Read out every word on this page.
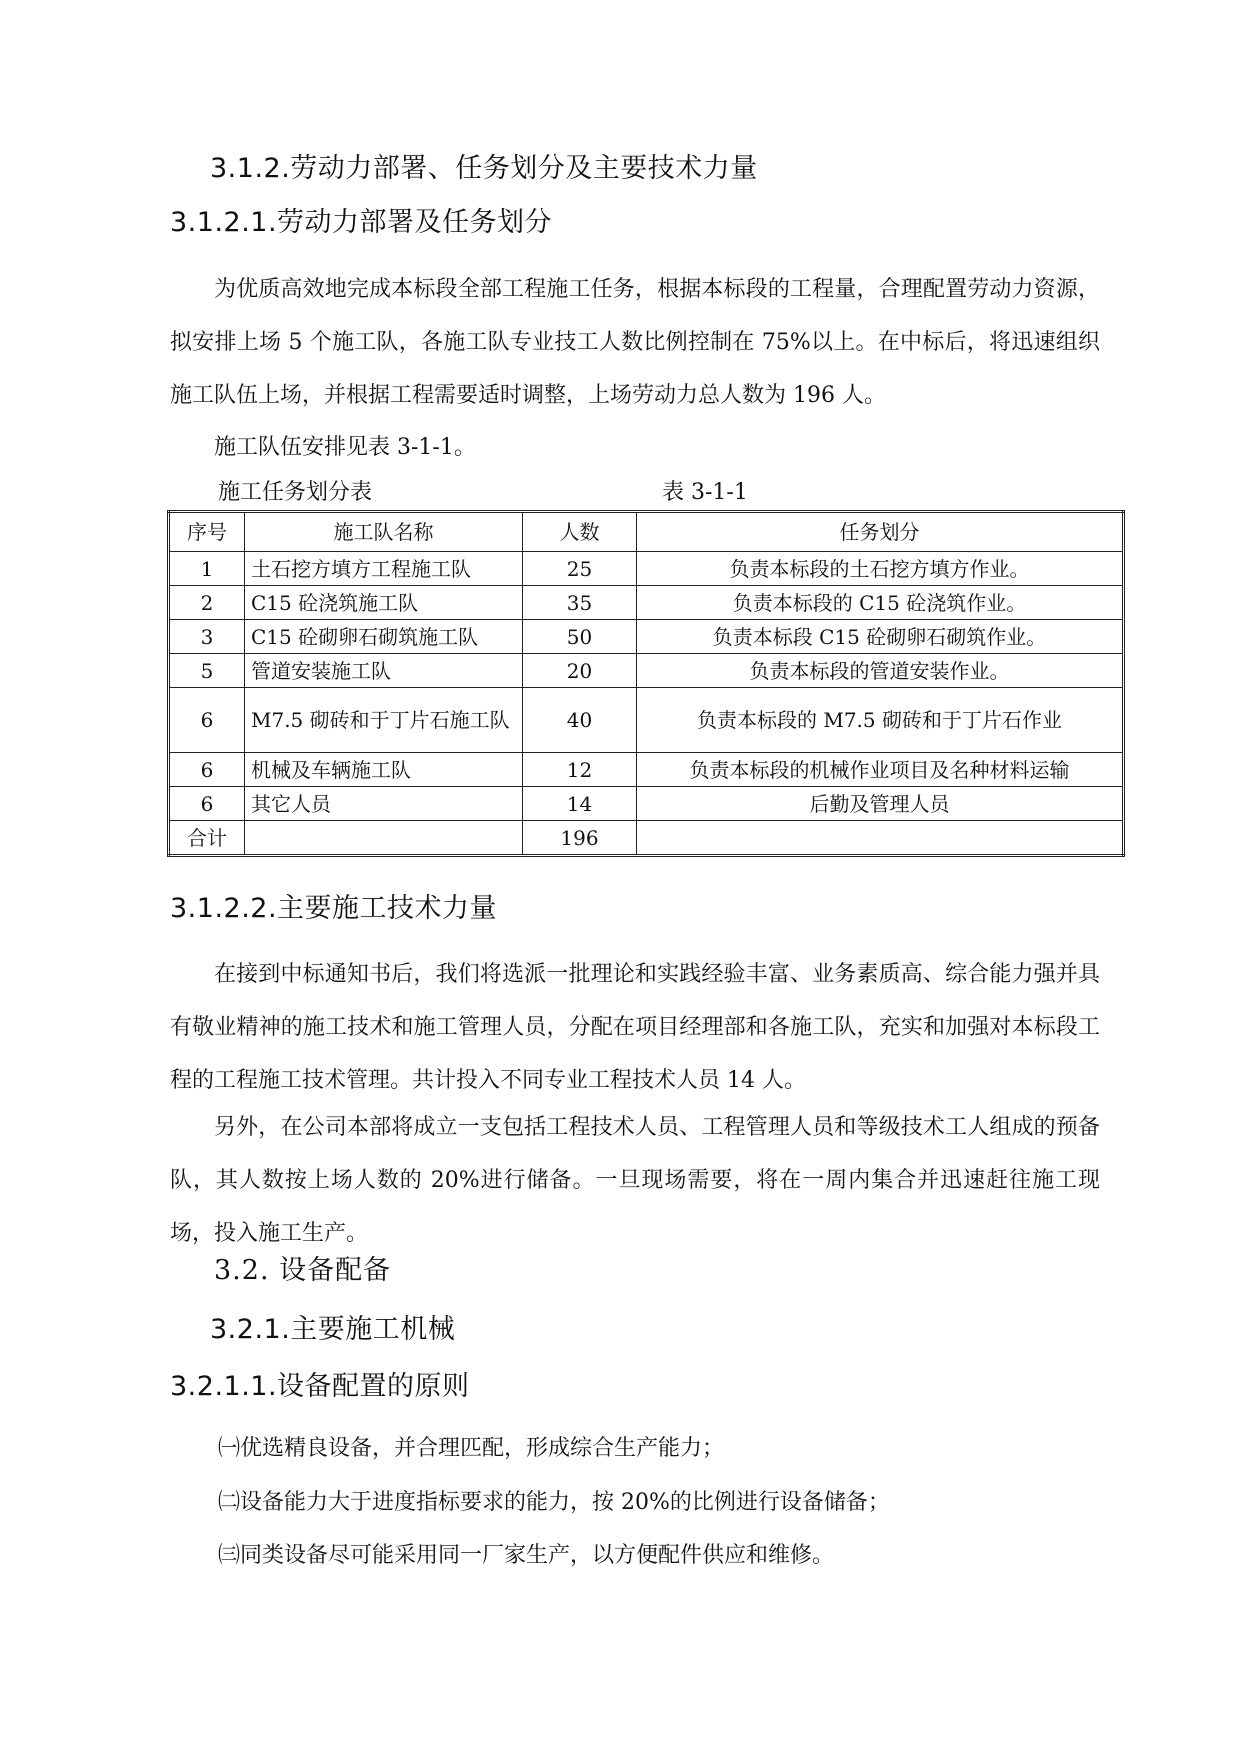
3.1.2.劳动力部署、任务划分及主要技术力量
3.1.2.1.劳动力部署及任务划分

为优质高效地完成本标段全部工程施工任务，根据本标段的工程量，合理配置劳动力资源，拟安排上场 5 个施工队，各施工队专业技工人数比例控制在 75%以上。在中标后，将迅速组织施工队伍上场，并根据工程需要适时调整，上场劳动力总人数为 196 人。

施工队伍安排见表 3-1-1。

施工任务划分表	表 3-1-1
序号	施工队名称	人数	任务划分
1	土石挖方填方工程施工队	25	负责本标段的土石挖方填方作业。
2	C15 砼浇筑施工队	35	负责本标段的 C15 砼浇筑作业。
3	C15 砼砌卵石砌筑施工队	50	负责本标段 C15 砼砌卵石砌筑作业。
5	管道安装施工队	20	负责本标段的管道安装作业。
6	M7.5 砌砖和于丁片石施工队	40	负责本标段的 M7.5 砌砖和于丁片石作业
6	机械及车辆施工队	12	负责本标段的机械作业项目及名种材料运输
6	其它人员	14	后勤及管理人员
合计		196	
3.1.2.2.主要施工技术力量

在接到中标通知书后，我们将选派一批理论和实践经验丰富、业务素质高、综合能力强并具有敬业精神的施工技术和施工管理人员，分配在项目经理部和各施工队，充实和加强对本标段工程的工程施工技术管理。共计投入不同专业工程技术人员 14 人。

另外，在公司本部将成立一支包括工程技术人员、工程管理人员和等级技术工人组成的预备队，其人数按上场人数的 20%进行储备。一旦现场需要，将在一周内集合并迅速赶往施工现场，投入施工生产。

3.2. 设备配备
3.2.1.主要施工机械
3.2.1.1.设备配置的原则
㈠优选精良设备，并合理匹配，形成综合生产能力；
㈡设备能力大于进度指标要求的能力，按 20%的比例进行设备储备；
㈢同类设备尽可能采用同一厂家生产，以方便配件供应和维修。
